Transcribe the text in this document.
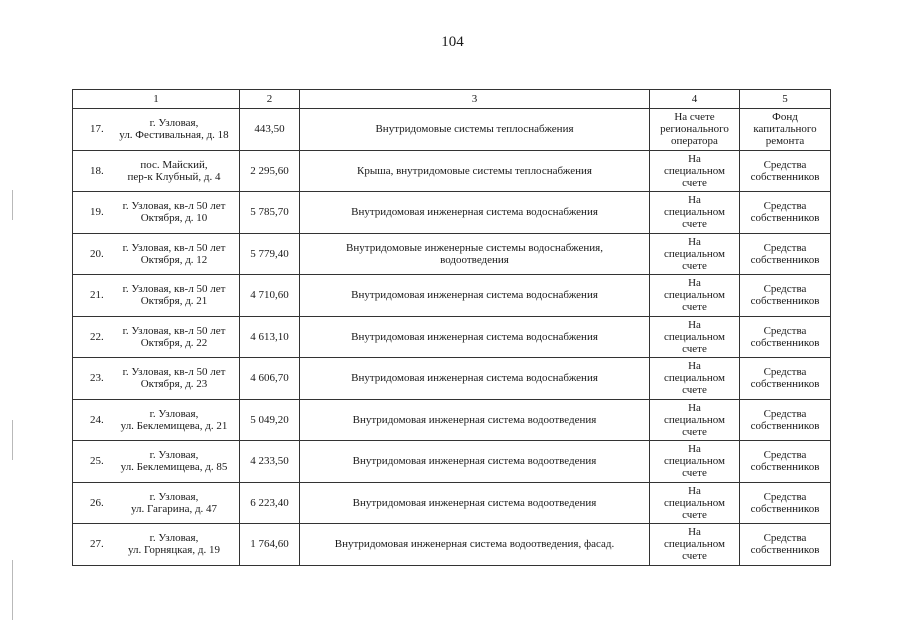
104
1	2	3	4	5

17. г. Узловая,
ул. Фестивальная, д. 18	443,50	Внутридомовые системы теплоснабжения	На счете
регионального
оператора	Фонд
капитального
ремонта

18. пос. Майский,
пер-к Клубный, д. 4	2 295,60	Крыша, внутридомовые системы теплоснабжения	На
специальном
счете	Средства
собственников

19. г. Узловая, кв-л 50 лет
Октября, д. 10	5 785,70	Внутридомовая инженерная система водоснабжения	На
специальном
счете	Средства
собственников

20. г. Узловая, кв-л 50 лет
Октября, д. 12	5 779,40	Внутридомовые инженерные системы водоснабжения, водоотведения	На
специальном
счете	Средства
собственников

21. г. Узловая, кв-л 50 лет
Октября, д. 21	4 710,60	Внутридомовая инженерная система водоснабжения	На
специальном
счете	Средства
собственников

22. г. Узловая, кв-л 50 лет
Октября, д. 22	4 613,10	Внутридомовая инженерная система водоснабжения	На
специальном
счете	Средства
собственников

23. г. Узловая, кв-л 50 лет
Октября, д. 23	4 606,70	Внутридомовая инженерная система водоснабжения	На
специальном
счете	Средства
собственников

24. г. Узловая,
ул. Беклемищева, д. 21	5 049,20	Внутридомовая инженерная система водоотведения	На
специальном
счете	Средства
собственников

25. г. Узловая,
ул. Беклемищева, д. 85	4 233,50	Внутридомовая инженерная система водоотведения	На
специальном
счете	Средства
собственников

26. г. Узловая,
ул. Гагарина, д. 47	6 223,40	Внутридомовая инженерная система водоотведения	На
специальном
счете	Средства
собственников

27. г. Узловая,
ул. Горняцкая, д. 19	1 764,60	Внутридомовая инженерная система водоотведения, фасад.	На
специальном
счете	Средства
собственников
